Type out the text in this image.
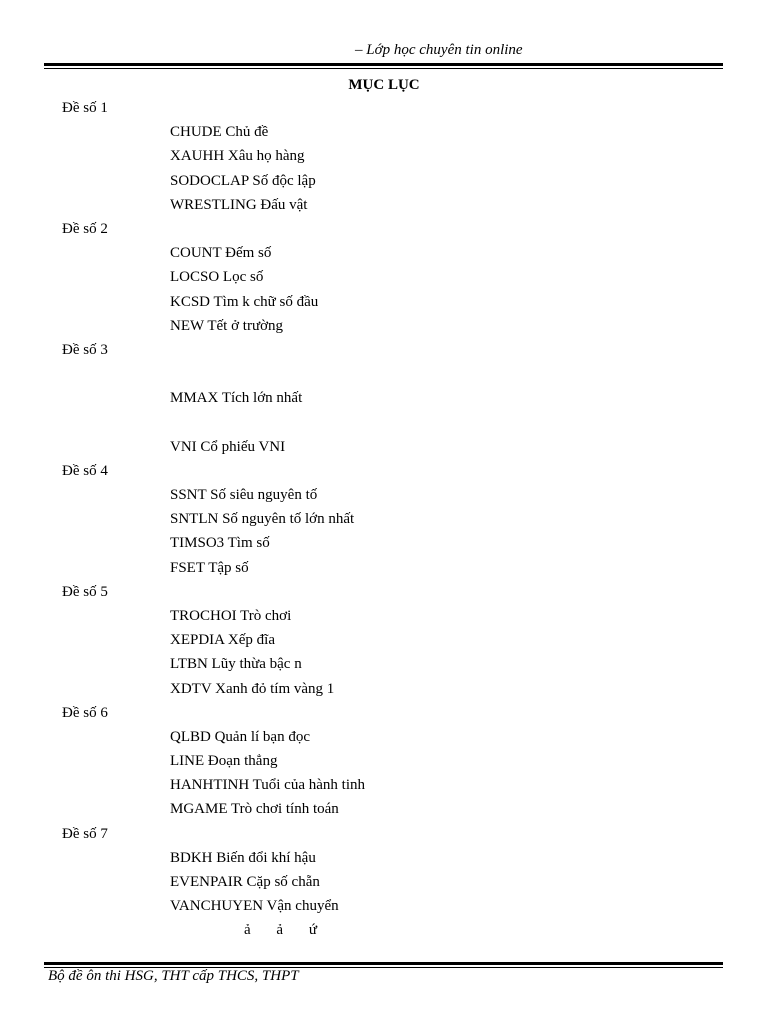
– Lớp học chuyên tin online
MỤC LỤC
Đề số 1
CHUDE Chủ đề
XAUHH Xâu họ hàng
SODOCLAP Số độc lập
WRESTLING Đấu vật
Đề số 2
COUNT Đếm số
LOCSO Lọc số
KCSD Tìm k chữ số đầu
NEW Tết ở trường
Đề số 3
MMAX Tích lớn nhất
VNI Cổ phiếu VNI
Đề số 4
SSNT Số siêu nguyên tố
SNTLN Số nguyên tố lớn nhất
TIMSO3 Tìm số
FSET Tập số
Đề số 5
TROCHOI Trò chơi
XEPDIA Xếp đĩa
LTBN Lũy thừa bậc n
XDTV Xanh đỏ tím vàng 1
Đề số 6
QLBD Quản lí bạn đọc
LINE Đoạn thẳng
HANHTINH Tuổi của hành tinh
MGAME Trò chơi tính toán
Đề số 7
BDKH Biến đổi khí hậu
EVENPAIR Cặp số chẵn
VANCHUYEN Vận chuyển
ả ả ứ
Bộ đề ôn thi HSG, THT cấp THCS, THPT
